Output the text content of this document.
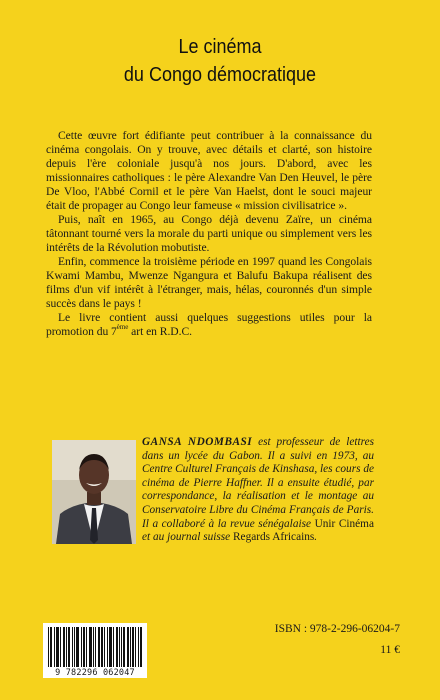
Le cinéma
du Congo démocratique

Cette œuvre fort édifiante peut contribuer à la connaissance du cinéma congolais. On y trouve, avec détails et clarté, son histoire depuis l'ère coloniale jusqu'à nos jours. D'abord, avec les missionnaires catholiques : le père Alexandre Van Den Heuvel, le père De Vloo, l'Abbé Cornil et le père Van Haelst, dont le souci majeur était de propager au Congo leur fameuse « mission civilisatrice ».

Puis, naît en 1965, au Congo déjà devenu Zaïre, un cinéma tâtonnant tourné vers la morale du parti unique ou simplement vers les intérêts de la Révolution mobutiste.

Enfin, commence la troisième période en 1997 quand les Congolais Kwami Mambu, Mwenze Ngangura et Balufu Bakupa réalisent des films d'un vif intérêt à l'étranger, mais, hélas, couronnés d'un simple succès dans le pays !

Le livre contient aussi quelques suggestions utiles pour la promotion du 7ème art en R.D.C.

GANSA NDOMBASI est professeur de lettres dans un lycée du Gabon. Il a suivi en 1973, au Centre Culturel Français de Kinshasa, les cours de cinéma de Pierre Haffner. Il a ensuite étudié, par correspondance, la réalisation et le montage au Conservatoire Libre du Cinéma Français de Paris. Il a collaboré à la revue sénégalaise Unir Cinéma et au journal suisse Regards Africains.
9 782296 062047
ISBN : 978-2-296-06204-7
11 €
